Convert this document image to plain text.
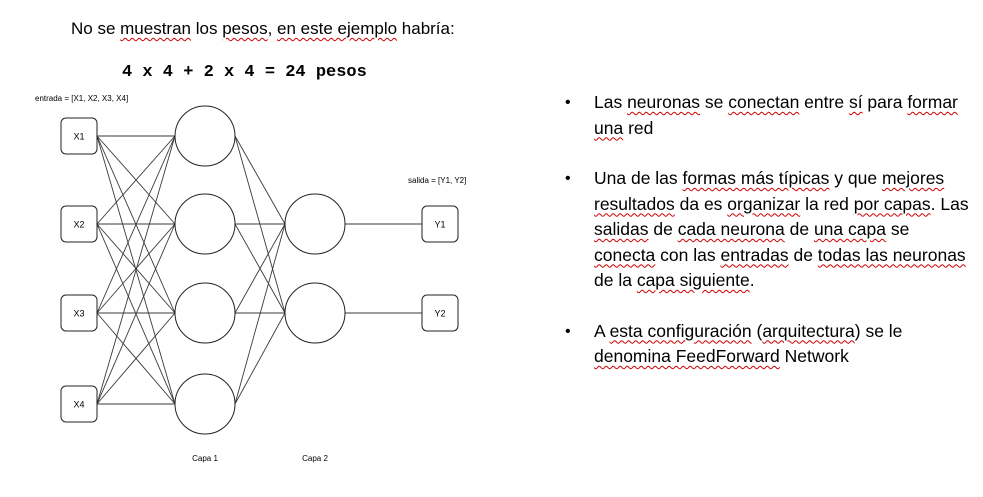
No se muestran los pesos, en este ejemplo habría:
4 x 4 + 2 x 4 = 24 pesos
X1
X2
X3
X4
Y1
Y2
entrada = [X1, X2, X3, X4]
salida = [Y1, Y2]
Capa 1	Capa 2
• Las neuronas se conectan entre sí para formar una red
• Una de las formas más típicas y que mejores resultados da es organizar la red por capas. Las salidas de cada neurona de una capa se conecta con las entradas de todas las neuronas de la capa siguiente.
• A esta configuración (arquitectura) se le denomina FeedForward Network
